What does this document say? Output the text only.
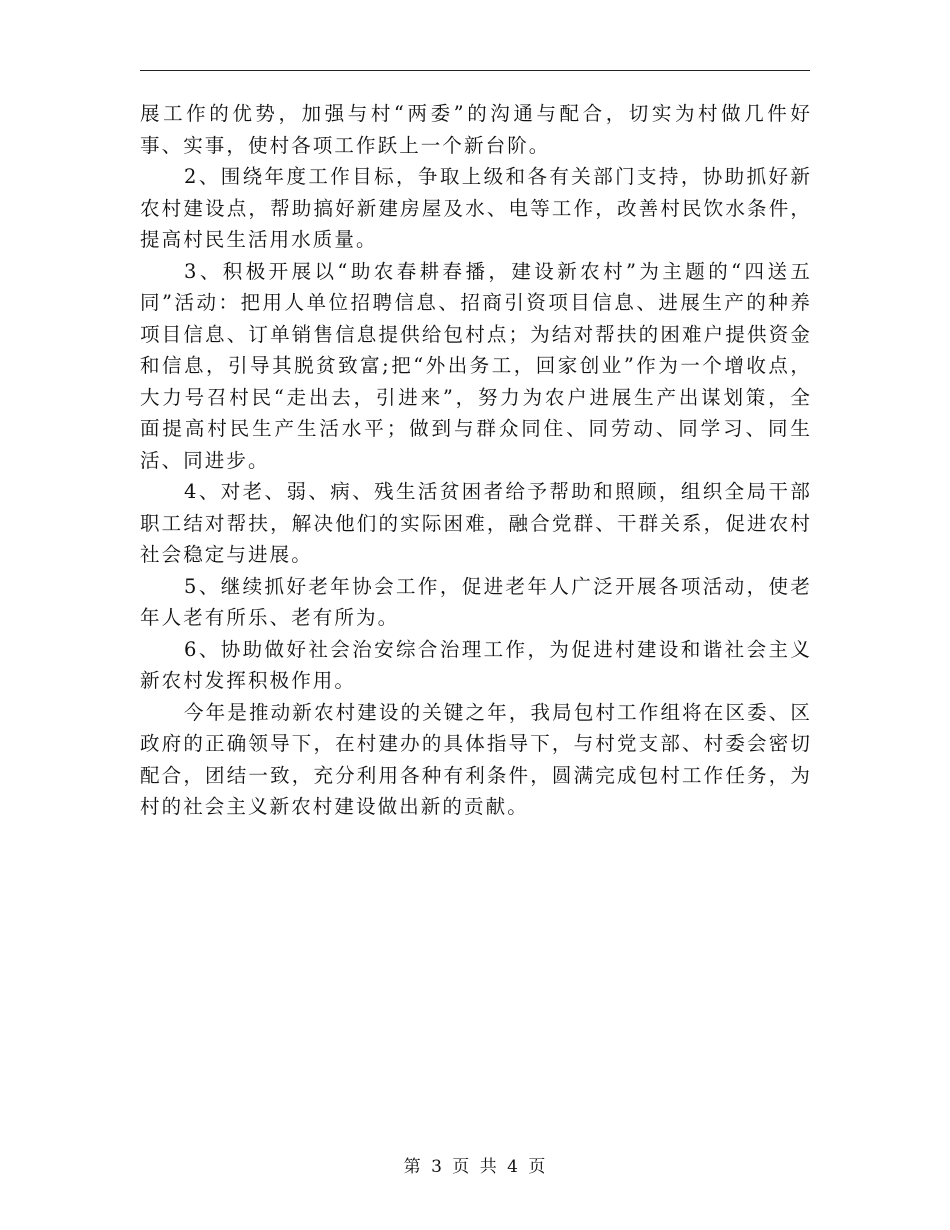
展工作的优势，加强与村“两委”的沟通与配合，切实为村做几件好事、实事，使村各项工作跃上一个新台阶。

2、围绕年度工作目标，争取上级和各有关部门支持，协助抓好新农村建设点，帮助搞好新建房屋及水、电等工作，改善村民饮水条件，提高村民生活用水质量。

3、积极开展以“助农春耕春播，建设新农村”为主题的“四送五同”活动：把用人单位招聘信息、招商引资项目信息、进展生产的种养项目信息、订单销售信息提供给包村点；为结对帮扶的困难户提供资金和信息，引导其脱贫致富;把“外出务工，回家创业”作为一个增收点，大力号召村民“走出去，引进来”，努力为农户进展生产出谋划策，全面提高村民生产生活水平；做到与群众同住、同劳动、同学习、同生活、同进步。

4、对老、弱、病、残生活贫困者给予帮助和照顾，组织全局干部职工结对帮扶，解决他们的实际困难，融合党群、干群关系，促进农村社会稳定与进展。

5、继续抓好老年协会工作，促进老年人广泛开展各项活动，使老年人老有所乐、老有所为。

6、协助做好社会治安综合治理工作，为促进村建设和谐社会主义新农村发挥积极作用。

今年是推动新农村建设的关键之年，我局包村工作组将在区委、区政府的正确领导下，在村建办的具体指导下，与村党支部、村委会密切配合，团结一致，充分利用各种有利条件，圆满完成包村工作任务，为村的社会主义新农村建设做出新的贡献。

第 3 页 共 4 页
